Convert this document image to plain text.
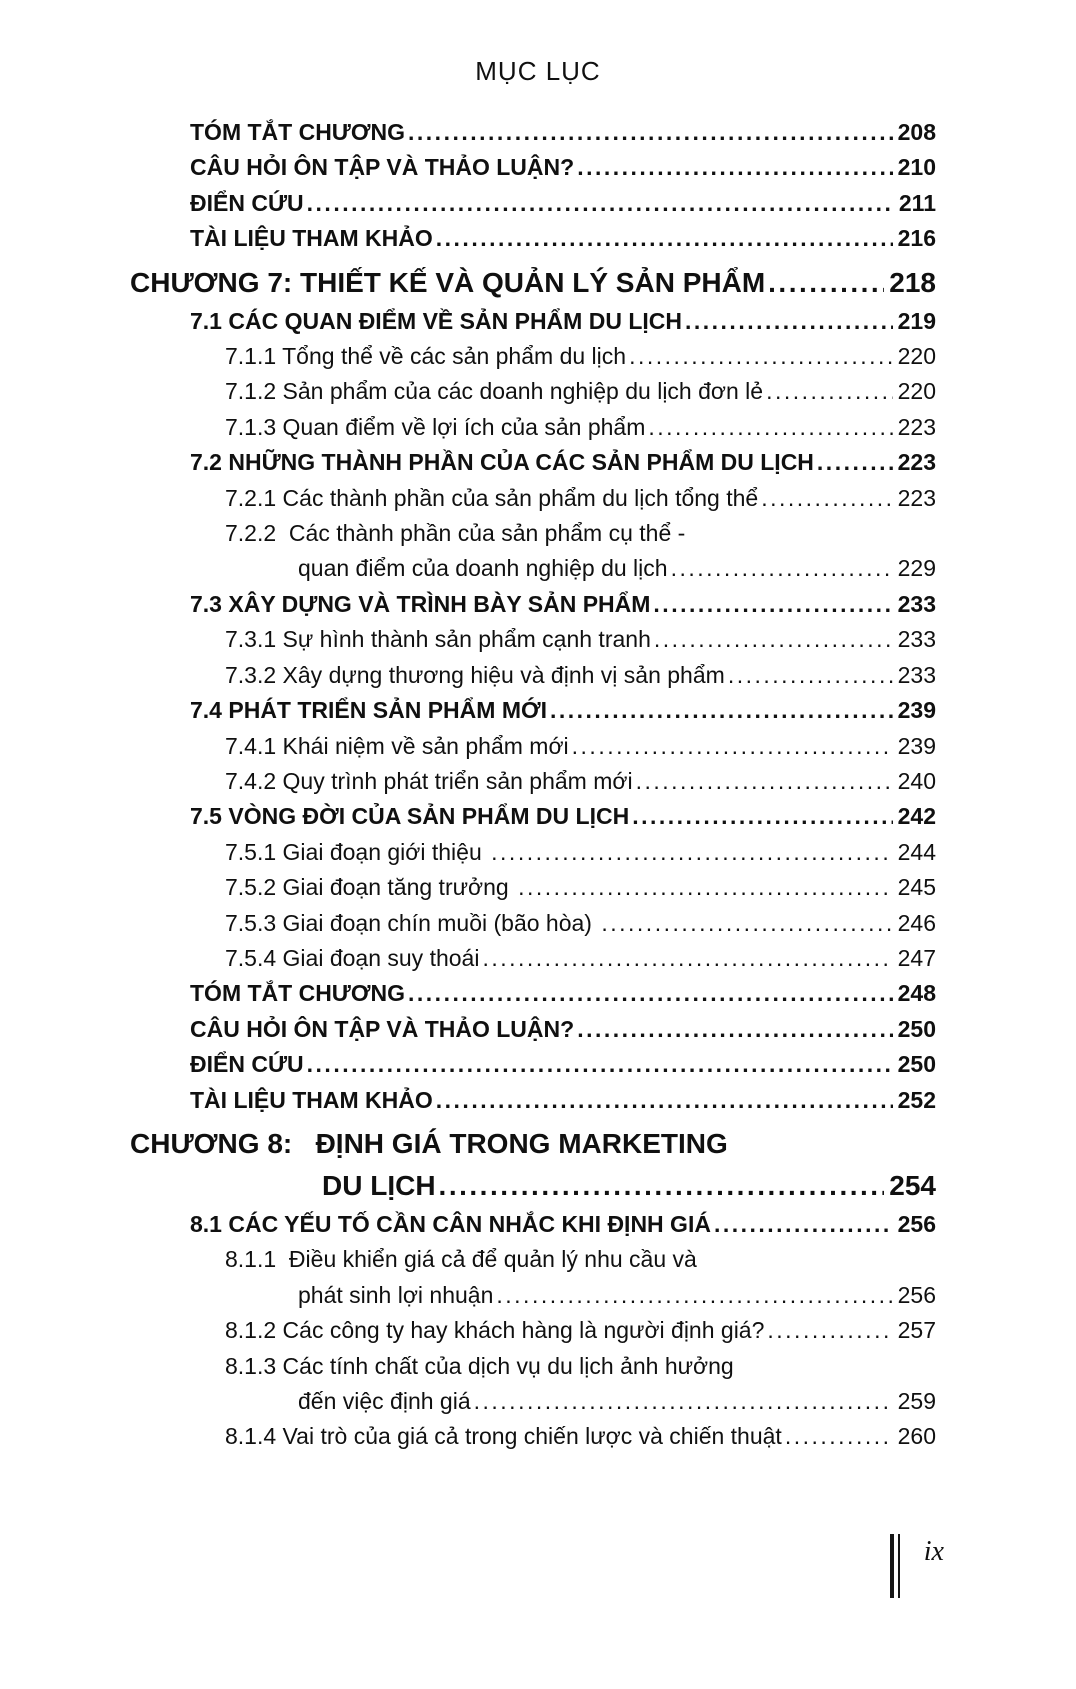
MỤC LỤC
TÓM TẮT CHƯƠNG .....	208
CÂU HỎI ÔN TẬP VÀ THẢO LUẬN? .....	210
ĐIỂN CỨU .....	211
TÀI LIỆU THAM KHẢO .....	216
CHƯƠNG 7: THIẾT KẾ VÀ QUẢN LÝ SẢN PHẨM .....	218
7.1 CÁC QUAN ĐIỂM VỀ SẢN PHẨM DU LỊCH .....	219
7.1.1 Tổng thể về các sản phẩm du lịch .....	220
7.1.2 Sản phẩm của các doanh nghiệp du lịch đơn lẻ .....	220
7.1.3 Quan điểm về lợi ích của sản phẩm .....	223
7.2 NHỮNG THÀNH PHẦN CỦA CÁC SẢN PHẨM DU LỊCH .....	223
7.2.1 Các thành phần của sản phẩm du lịch tổng thể .....	223
7.2.2  Các thành phần của sản phẩm cụ thể -
quan điểm của doanh nghiệp du lịch .....	229
7.3 XÂY DỰNG VÀ TRÌNH BÀY SẢN PHẨM .....	233
7.3.1 Sự hình thành sản phẩm cạnh tranh .....	233
7.3.2 Xây dựng thương hiệu và định vị sản phẩm .....	233
7.4 PHÁT TRIỂN SẢN PHẨM MỚI .....	239
7.4.1 Khái niệm về sản phẩm mới .....	239
7.4.2 Quy trình phát triển sản phẩm mới .....	240
7.5 VÒNG ĐỜI CỦA SẢN PHẨM DU LỊCH .....	242
7.5.1 Giai đoạn giới thiệu .....	244
7.5.2 Giai đoạn tăng trưởng .....	245
7.5.3 Giai đoạn chín muồi (bão hòa) .....	246
7.5.4 Giai đoạn suy thoái .....	247
TÓM TẮT CHƯƠNG .....	248
CÂU HỎI ÔN TẬP VÀ THẢO LUẬN? .....	250
ĐIỂN CỨU .....	250
TÀI LIỆU THAM KHẢO .....	252
CHƯƠNG 8:   ĐỊNH GIÁ TRONG MARKETING
DU LỊCH .....	254
8.1 CÁC YẾU TỐ CẦN CÂN NHẮC KHI ĐỊNH GIÁ .....	256
8.1.1  Điều khiển giá cả để quản lý nhu cầu và
phát sinh lợi nhuận .....	256
8.1.2 Các công ty hay khách hàng là người định giá? .....	257
8.1.3 Các tính chất của dịch vụ du lịch ảnh hưởng
đến việc định giá .....	259
8.1.4 Vai trò của giá cả trong chiến lược và chiến thuật .....	260
ix
